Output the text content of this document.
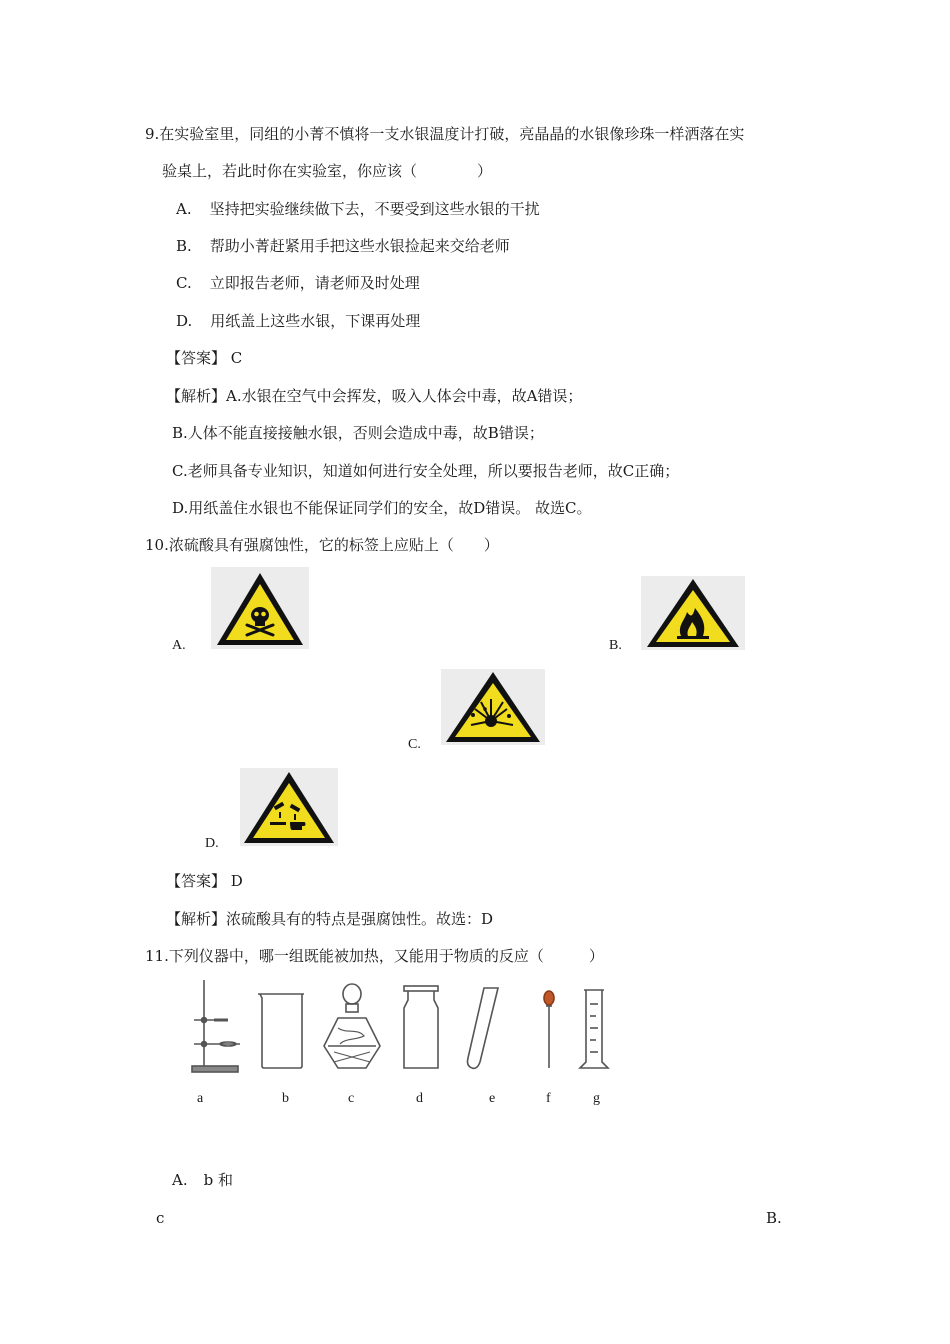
9.在实验室里，同组的小菁不慎将一支水银温度计打破，亮晶晶的水银像珍珠一样洒落在实
验桌上，若此时你在实验室，你应该（　　　　）
A. 坚持把实验继续做下去，不要受到这些水银的干扰
B. 帮助小菁赶紧用手把这些水银捡起来交给老师
C. 立即报告老师，请老师及时处理
D. 用纸盖上这些水银，下课再处理
【答案】 C
【解析】A.水银在空气中会挥发，吸入人体会中毒，故A错误；
B.人体不能直接接触水银，否则会造成中毒，故B错误；
C.老师具备专业知识，知道如何进行安全处理，所以要报告老师，故C正确；
D.用纸盖住水银也不能保证同学们的安全，故D错误。 故选C。
10.浓硫酸具有强腐蚀性，它的标签上应贴上（　　）
A.	B.
C.
D.
【答案】 D
【解析】浓硫酸具有的特点是强腐蚀性。故选：D
11.下列仪器中，哪一组既能被加热，又能用于物质的反应（　　　）
a	b	c	d	e	f	g
A. b 和
c	B.
